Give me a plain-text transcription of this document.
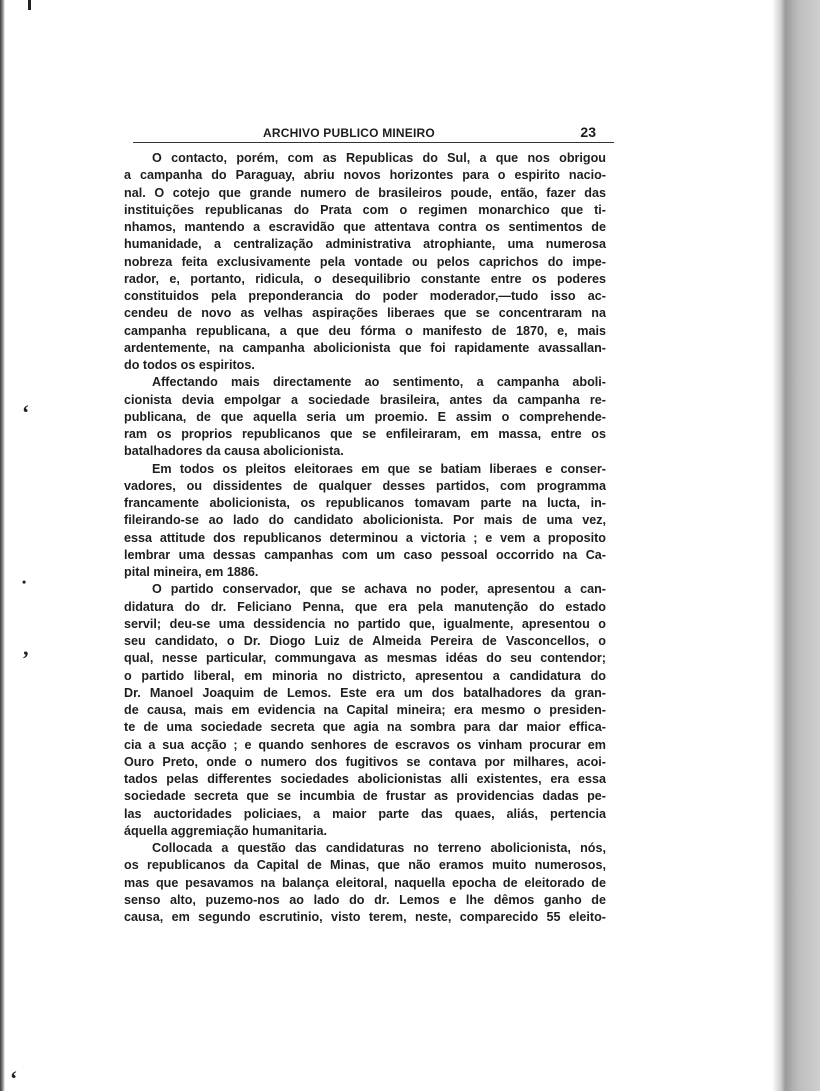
‘
•
’
‘
ARCHIVO PUBLICO MINEIRO	23
O contacto, porém, com as Republicas do Sul, a que nos obrigou
a campanha do Paraguay, abriu novos horizontes para o espirito nacio-
nal. O cotejo que grande numero de brasileiros poude, então, fazer das
instituições republicanas do Prata com o regimen monarchico que ti-
nhamos, mantendo a escravidão que attentava contra os sentimentos de
humanidade, a centralização administrativa atrophiante, uma numerosa
nobreza feita exclusivamente pela vontade ou pelos caprichos do impe-
rador, e, portanto, ridicula, o desequilibrio constante entre os poderes
constituidos pela preponderancia do poder moderador,—tudo isso ac-
cendeu de novo as velhas aspirações liberaes que se concentraram na
campanha republicana, a que deu fórma o manifesto de 1870, e, mais
ardentemente, na campanha abolicionista que foi rapidamente avassallan-
do todos os espiritos.
Affectando mais directamente ao sentimento, a campanha aboli-
cionista devia empolgar a sociedade brasileira, antes da campanha re-
publicana, de que aquella seria um proemio. E assim o comprehende-
ram os proprios republicanos que se enfileiraram, em massa, entre os
batalhadores da causa abolicionista.
Em todos os pleitos eleitoraes em que se batiam liberaes e conser-
vadores, ou dissidentes de qualquer desses partidos, com programma
francamente abolicionista, os republicanos tomavam parte na lucta, in-
fileirando-se ao lado do candidato abolicionista. Por mais de uma vez,
essa attitude dos republicanos determinou a victoria ; e vem a proposito
lembrar uma dessas campanhas com um caso pessoal occorrido na Ca-
pital mineira, em 1886.
O partido conservador, que se achava no poder, apresentou a can-
didatura do dr. Feliciano Penna, que era pela manutenção do estado
servil; deu-se uma dessidencia no partido que, igualmente, apresentou o
seu candidato, o Dr. Diogo Luiz de Almeida Pereira de Vasconcellos, o
qual, nesse particular, commungava as mesmas idéas do seu contendor;
o partido liberal, em minoria no districto, apresentou a candidatura do
Dr. Manoel Joaquim de Lemos. Este era um dos batalhadores da gran-
de causa, mais em evidencia na Capital mineira; era mesmo o presiden-
te de uma sociedade secreta que agia na sombra para dar maior effica-
cia a sua acção ; e quando senhores de escravos os vinham procurar em
Ouro Preto, onde o numero dos fugitivos se contava por milhares, acoi-
tados pelas differentes sociedades abolicionistas alli existentes, era essa
sociedade secreta que se incumbia de frustar as providencias dadas pe-
las auctoridades policiaes, a maior parte das quaes, aliás, pertencia
áquella aggremiação humanitaria.
Collocada a questão das candidaturas no terreno abolicionista, nós,
os republicanos da Capital de Minas, que não eramos muito numerosos,
mas que pesavamos na balança eleitoral, naquella epocha de eleitorado de
senso alto, puzemo-nos ao lado do dr. Lemos e lhe dêmos ganho de
causa, em segundo escrutinio, visto terem, neste, comparecido 55 eleito-
